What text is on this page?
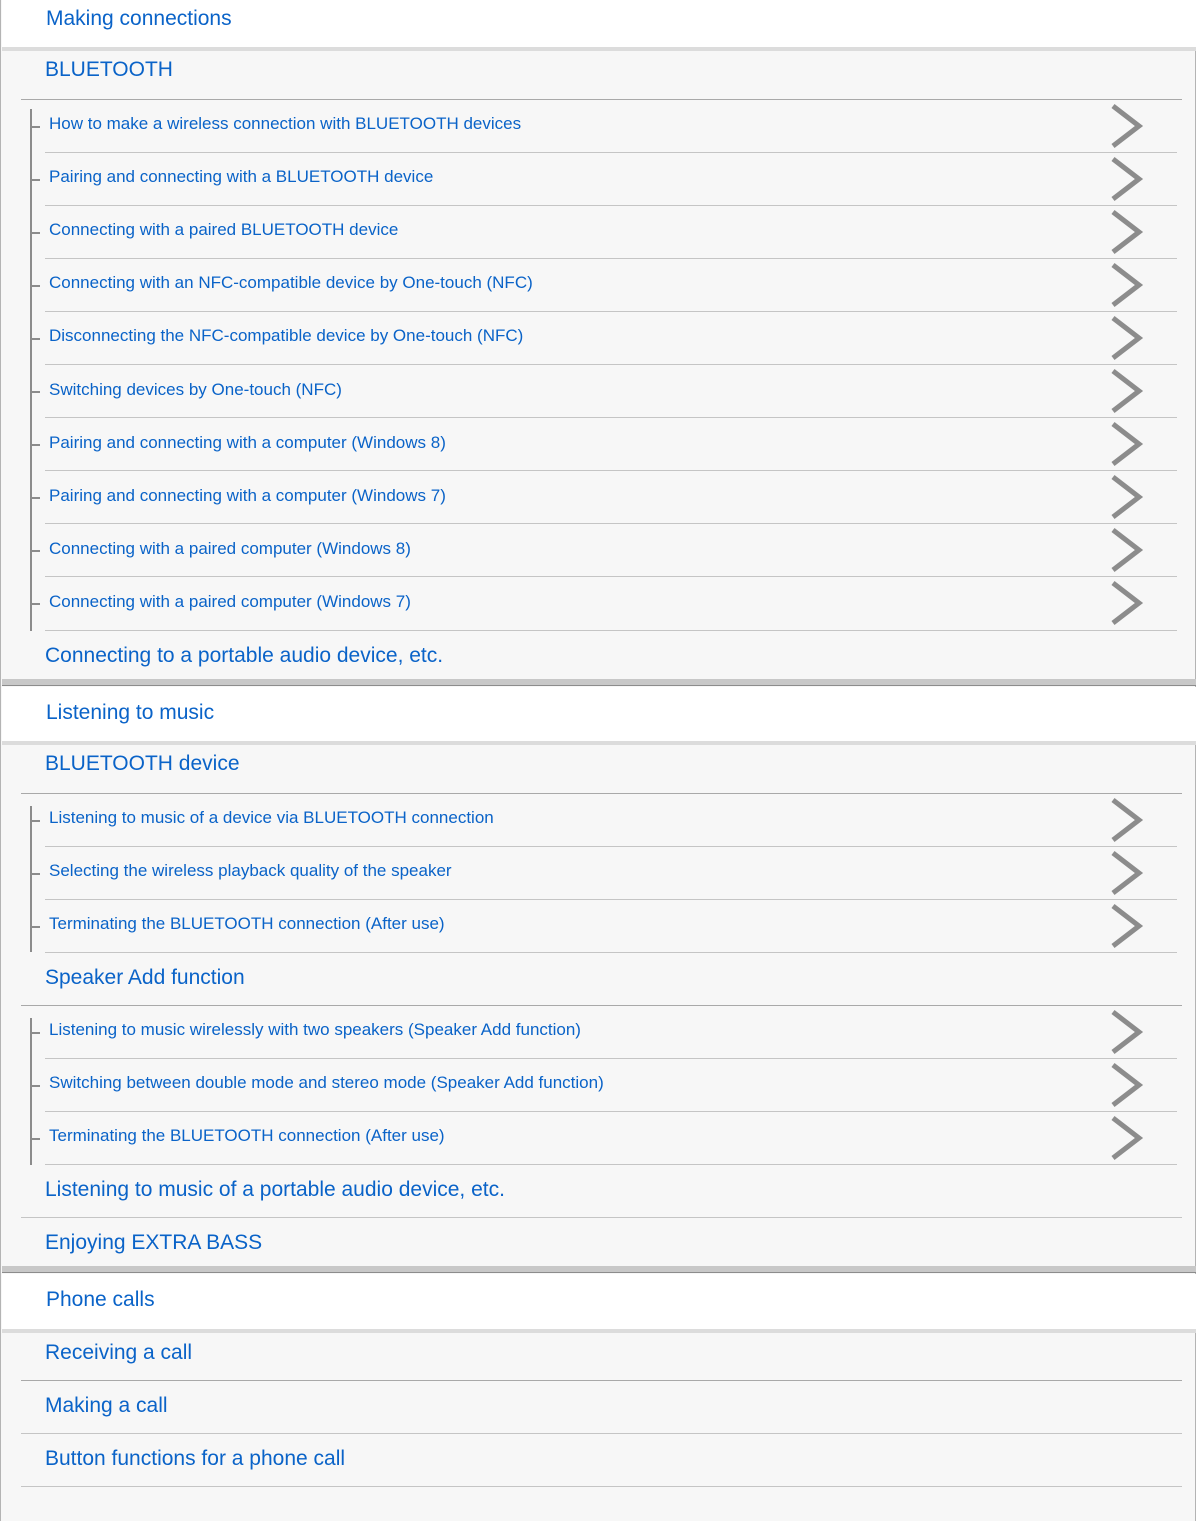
Making connections
BLUETOOTH
How to make a wireless connection with BLUETOOTH devices
Pairing and connecting with a BLUETOOTH device
Connecting with a paired BLUETOOTH device
Connecting with an NFC-compatible device by One-touch (NFC)
Disconnecting the NFC-compatible device by One-touch (NFC)
Switching devices by One-touch (NFC)
Pairing and connecting with a computer (Windows 8)
Pairing and connecting with a computer (Windows 7)
Connecting with a paired computer (Windows 8)
Connecting with a paired computer (Windows 7)
Connecting to a portable audio device, etc.
Listening to music
BLUETOOTH device
Listening to music of a device via BLUETOOTH connection
Selecting the wireless playback quality of the speaker
Terminating the BLUETOOTH connection (After use)
Speaker Add function
Listening to music wirelessly with two speakers (Speaker Add function)
Switching between double mode and stereo mode (Speaker Add function)
Terminating the BLUETOOTH connection (After use)
Listening to music of a portable audio device, etc.
Enjoying EXTRA BASS
Phone calls
Receiving a call
Making a call
Button functions for a phone call
